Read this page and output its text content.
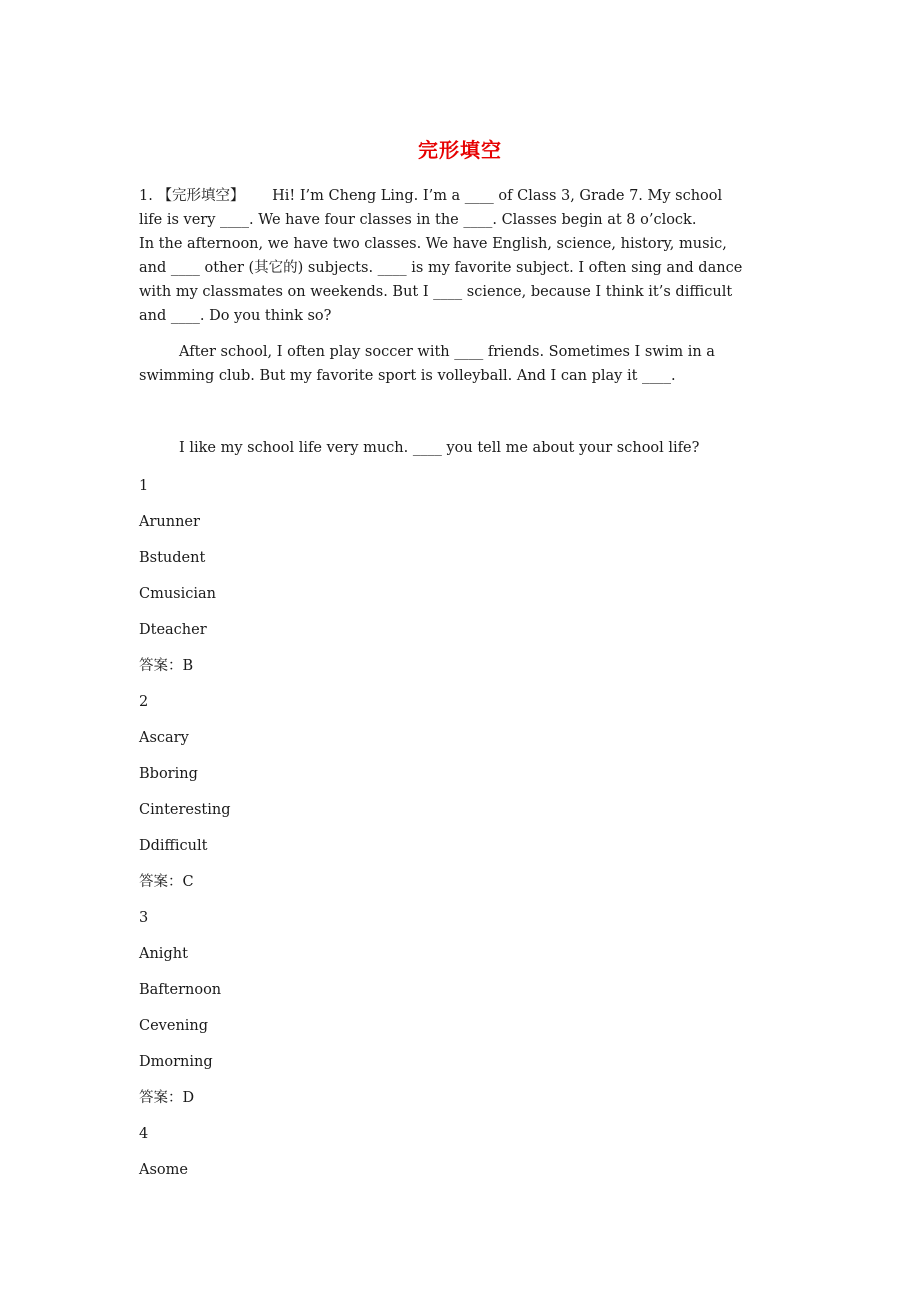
完形填空
1. 【完形填空】      Hi! I’m Cheng Ling. I’m a ____ of Class 3, Grade 7. My school
life is very ____. We have four classes in the ____. Classes begin at 8 o’clock.
In the afternoon, we have two classes. We have English, science, history, music,
and ____ other (其它的) subjects. ____ is my favorite subject. I often sing and dance
with my classmates on weekends. But I ____ science, because I think it’s difficult
and ____. Do you think so?
After school, I often play soccer with ____ friends. Sometimes I swim in a
swimming club. But my favorite sport is volleyball. And I can play it ____.
I like my school life very much. ____ you tell me about your school life?
1
Arunner
Bstudent
Cmusician
Dteacher
答案：B
2
Ascary
Bboring
Cinteresting
Ddifficult
答案：C
3
Anight
Bafternoon
Cevening
Dmorning
答案：D
4
Asome
